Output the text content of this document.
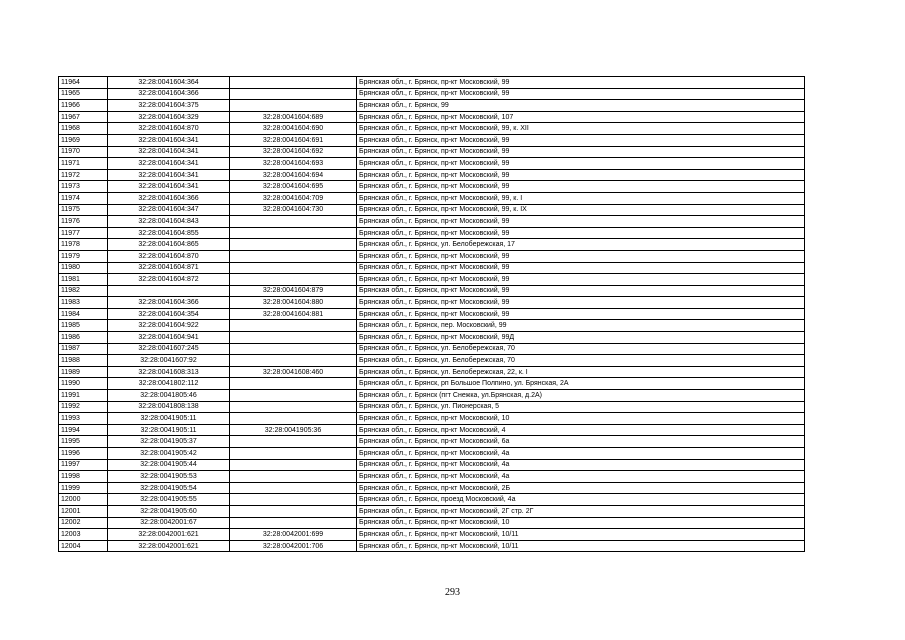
11964	32:28:0041604:364		Брянская обл., г. Брянск, пр-кт Московский, 99
11965	32:28:0041604:366		Брянская обл., г. Брянск, пр-кт Московский, 99
11966	32:28:0041604:375		Брянская обл., г. Брянск, 99
11967	32:28:0041604:329	32:28:0041604:689	Брянская обл., г. Брянск, пр-кт Московский, 107
11968	32:28:0041604:870	32:28:0041604:690	Брянская обл., г. Брянск, пр-кт Московский, 99, к. XII
11969	32:28:0041604:341	32:28:0041604:691	Брянская обл., г. Брянск, пр-кт Московский, 99
11970	32:28:0041604:341	32:28:0041604:692	Брянская обл., г. Брянск, пр-кт Московский, 99
11971	32:28:0041604:341	32:28:0041604:693	Брянская обл., г. Брянск, пр-кт Московский, 99
11972	32:28:0041604:341	32:28:0041604:694	Брянская обл., г. Брянск, пр-кт Московский, 99
11973	32:28:0041604:341	32:28:0041604:695	Брянская обл., г. Брянск, пр-кт Московский, 99
11974	32:28:0041604:366	32:28:0041604:709	Брянская обл., г. Брянск, пр-кт Московский, 99, к. I
11975	32:28:0041604:347	32:28:0041604:730	Брянская обл., г. Брянск, пр-кт Московский, 99, к. IX
11976	32:28:0041604:843		Брянская обл., г. Брянск, пр-кт Московский, 99
11977	32:28:0041604:855		Брянская обл., г. Брянск, пр-кт Московский, 99
11978	32:28:0041604:865		Брянская обл., г. Брянск, ул. Белобережская, 17
11979	32:28:0041604:870		Брянская обл., г. Брянск, пр-кт Московский, 99
11980	32:28:0041604:871		Брянская обл., г. Брянск, пр-кт Московский, 99
11981	32:28:0041604:872		Брянская обл., г. Брянск, пр-кт Московский, 99
11982		32:28:0041604:879	Брянская обл., г. Брянск, пр-кт Московский, 99
11983	32:28:0041604:366	32:28:0041604:880	Брянская обл., г. Брянск, пр-кт Московский, 99
11984	32:28:0041604:354	32:28:0041604:881	Брянская обл., г. Брянск, пр-кт Московский, 99
11985	32:28:0041604:922		Брянская обл., г. Брянск, пер. Московский, 99
11986	32:28:0041604:941		Брянская обл., г. Брянск, пр-кт Московский, 99Д
11987	32:28:0041607:245		Брянская обл., г. Брянск, ул. Белобережская, 70
11988	32:28:0041607:92		Брянская обл., г. Брянск, ул. Белобережская, 70
11989	32:28:0041608:313	32:28:0041608:460	Брянская обл., г. Брянск, ул. Белобережская, 22, к. I
11990	32:28:0041802:112		Брянская обл., г. Брянск, рп Большое Полпино, ул. Брянская, 2А
11991	32:28:0041805:46		Брянская обл., г. Брянск (пгт Снежка, ул.Брянская, д.2А)
11992	32:28:0041808:138		Брянская обл., г. Брянск, ул. Пионерская, 5
11993	32:28:0041905:11		Брянская обл., г. Брянск, пр-кт Московский, 10
11994	32:28:0041905:11	32:28:0041905:36	Брянская обл., г. Брянск, пр-кт Московский, 4
11995	32:28:0041905:37		Брянская обл., г. Брянск, пр-кт Московский, 6а
11996	32:28:0041905:42		Брянская обл., г. Брянск, пр-кт Московский, 4а
11997	32:28:0041905:44		Брянская обл., г. Брянск, пр-кт Московский, 4а
11998	32:28:0041905:53		Брянская обл., г. Брянск, пр-кт Московский, 4а
11999	32:28:0041905:54		Брянская обл., г. Брянск, пр-кт Московский, 2Б
12000	32:28:0041905:55		Брянская обл., г. Брянск, проезд Московский, 4а
12001	32:28:0041905:60		Брянская обл., г. Брянск, пр-кт Московский, 2Г стр. 2Г
12002	32:28:0042001:67		Брянская обл., г. Брянск, пр-кт Московский, 10
12003	32:28:0042001:621	32:28:0042001:699	Брянская обл., г. Брянск, пр-кт Московский, 10/11
12004	32:28:0042001:621	32:28:0042001:706	Брянская обл., г. Брянск, пр-кт Московский, 10/11
293
